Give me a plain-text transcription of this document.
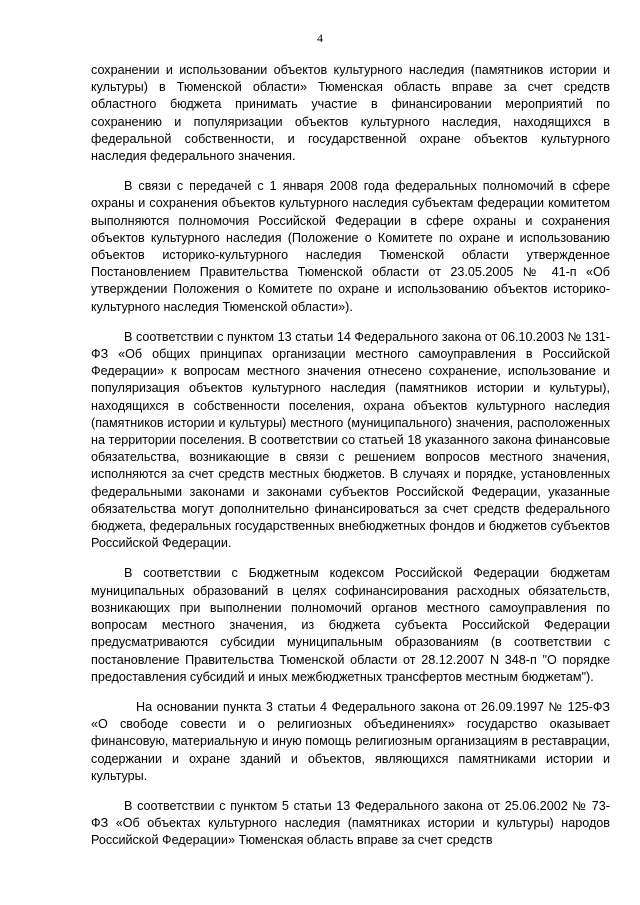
4

сохранении и использовании объектов культурного наследия (памятников истории и культуры) в Тюменской области» Тюменская область вправе за счет средств областного бюджета принимать участие в финансировании мероприятий по сохранению и популяризации объектов культурного наследия, находящихся в федеральной собственности, и государственной охране объектов культурного наследия федерального значения.

В связи с передачей с 1 января 2008 года федеральных полномочий в сфере охраны и сохранения объектов культурного наследия субъектам федерации комитетом выполняются полномочия Российской Федерации в сфере охраны и сохранения объектов культурного наследия (Положение о Комитете по охране и использованию объектов историко-культурного наследия Тюменской области утвержденное Постановлением Правительства Тюменской области от 23.05.2005 № 41-п «Об утверждении Положения о Комитете по охране и использованию объектов историко-культурного наследия Тюменской области»).

В соответствии с пунктом 13 статьи 14 Федерального закона от 06.10.2003 № 131-ФЗ «Об общих принципах организации местного самоуправления в Российской Федерации» к вопросам местного значения отнесено сохранение, использование и популяризация объектов культурного наследия (памятников истории и культуры), находящихся в собственности поселения, охрана объектов культурного наследия (памятников истории и культуры) местного (муниципального) значения, расположенных на территории поселения. В соответствии со статьей 18 указанного закона финансовые обязательства, возникающие в связи с решением вопросов местного значения, исполняются за счет средств местных бюджетов. В случаях и порядке, установленных федеральными законами и законами субъектов Российской Федерации, указанные обязательства могут дополнительно финансироваться за счет средств федерального бюджета, федеральных государственных внебюджетных фондов и бюджетов субъектов Российской Федерации.

В соответствии с Бюджетным кодексом Российской Федерации бюджетам муниципальных образований в целях софинансирования расходных обязательств, возникающих при выполнении полномочий органов местного самоуправления по вопросам местного значения, из бюджета субъекта Российской Федерации предусматриваются субсидии муниципальным образованиям (в соответствии с постановление Правительства Тюменской области от 28.12.2007 N 348-п "О порядке предоставления субсидий и иных межбюджетных трансфертов местным бюджетам").

На основании пункта 3 статьи 4 Федерального закона от 26.09.1997 № 125-ФЗ «О свободе совести и о религиозных объединениях» государство оказывает финансовую, материальную и иную помощь религиозным организациям в реставрации, содержании и охране зданий и объектов, являющихся памятниками истории и культуры.

В соответствии с пунктом 5 статьи 13 Федерального закона от 25.06.2002 № 73-ФЗ «Об объектах культурного наследия (памятниках истории и культуры) народов Российской Федерации» Тюменская область вправе за счет средств
